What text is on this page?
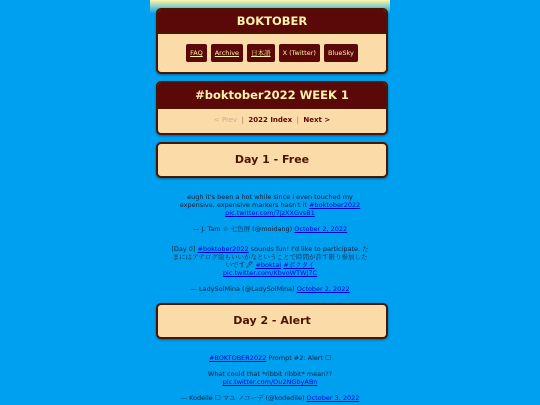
BOKTOBER
FAQ	Archive	日本語	X (Twitter)	BlueSky
#boktober2022 WEEK 1
< Prev | 2022 Index | Next >
Day 1 - Free
eugh it's been a hot while since i even touched my expensive, expensive markers hasn't it #boktober2022
pic.twitter.com/7jzXXGvsB1
— J. Tam ☆ 七色屏 (@moidang) October 2, 2022
[Day 0] #boktober2022 sounds fun! I'd like to participate. たまにはアナログ絵もいいかなということで時間が許す限り参加したいです🖋 #boktai #ボクタイ
pic.twitter.com/KbvoWTWJ7C
— LadySolMina (@LadySolMina) October 2, 2022
Day 2 - Alert
#BOKTOBER2022 Prompt #2: Alert ☐
What could that *ribbit ribbit* mean??
pic.twitter.com/Ou2NGbyABn
— Kodeile ☐ マユ ノコーデ (@kodedile) October 3, 2022
